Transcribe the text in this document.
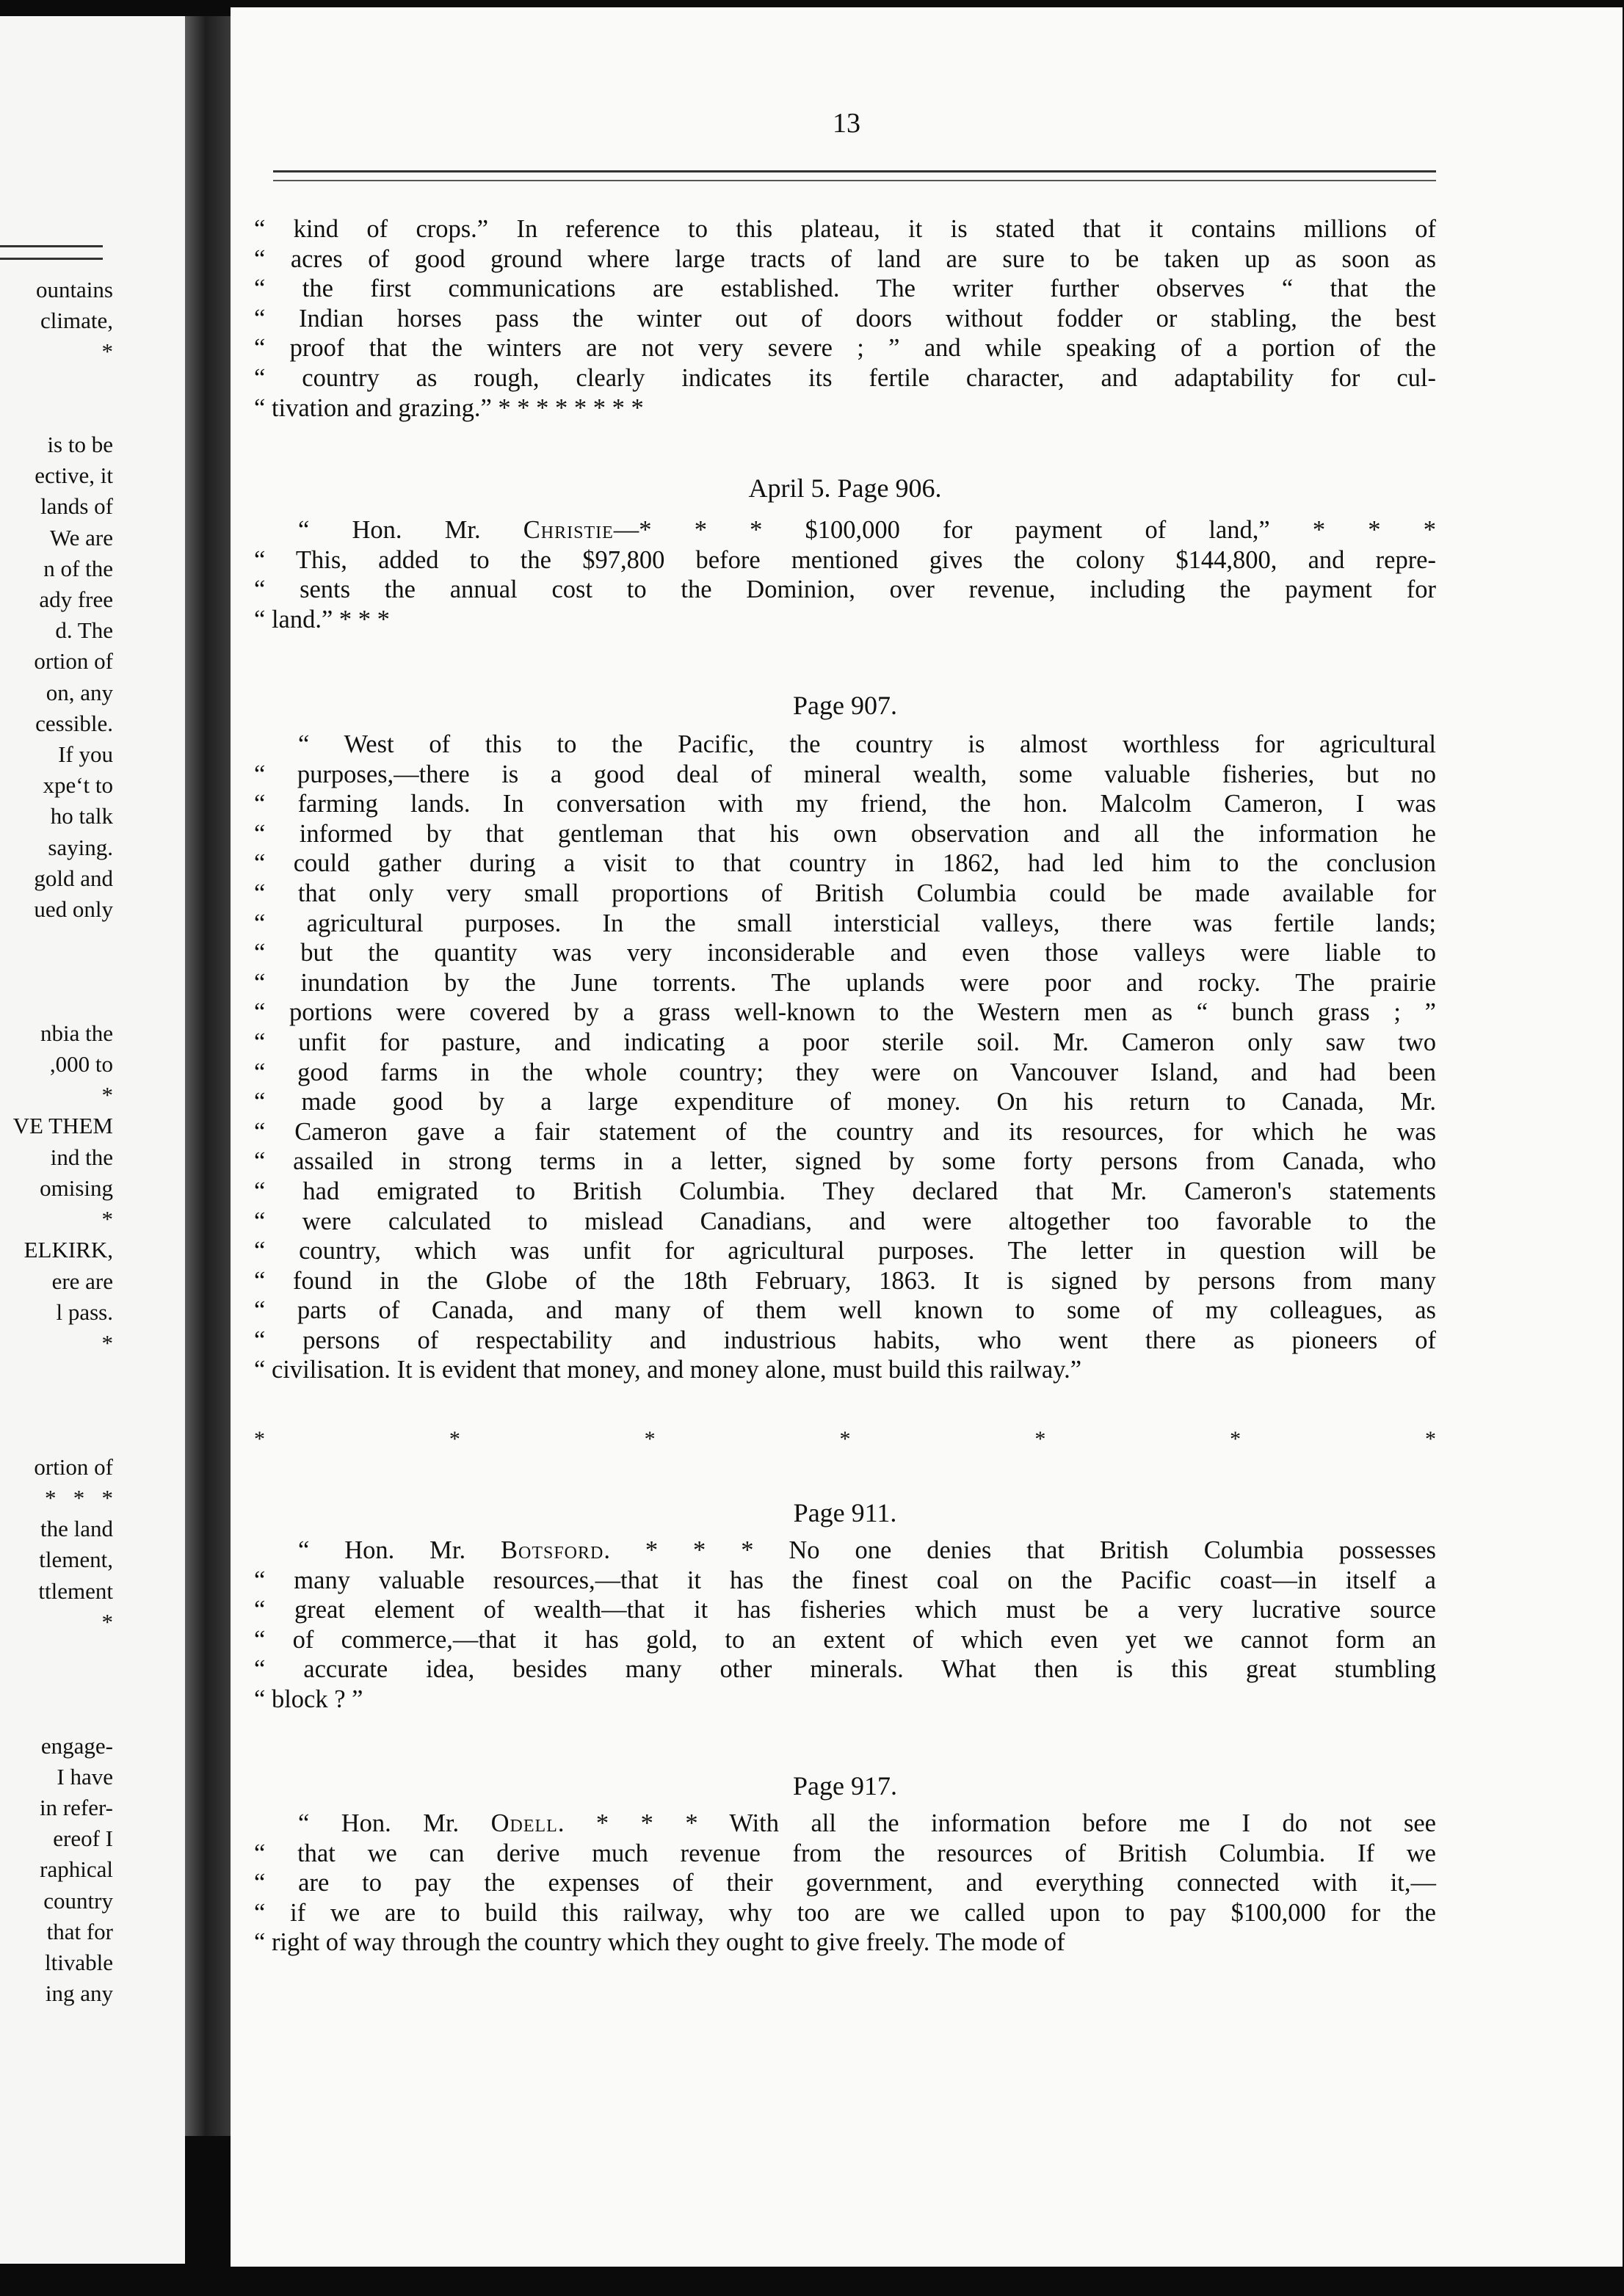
ountains
climate,
*

is to be
ective, it
lands of
We are
n of the
ady free
d. The
ortion of
on, any
cessible.
If you
xpeʻt to
ho talk
saying.
gold and
ued only

nbia the
,000 to
*
VE THEM
ind the
omising
*
ELKIRK,
ere are
l pass.
*

ortion of
*   *   *
the land
tlement,
ttlement
*

engage-
I have
in refer-
ereof I
raphical
country
that for
ltivable
ing any
13
“ kind of crops.” In reference to this plateau, it is stated that it contains millions of
“ acres of good ground where large tracts of land are sure to be taken up as soon as
“ the first communications are established. The writer further observes “ that the
“ Indian horses pass the winter out of doors without fodder or stabling, the best
“ proof that the winters are not very severe ; ” and while speaking of a portion of the
“ country as rough, clearly indicates its fertile character, and adaptability for cul-
“ tivation and grazing.” * * * * * * * *
April 5. Page 906.
“ Hon. Mr. Christie—* * * $100,000 for payment of land,” * * *
“ This, added to the $97,800 before mentioned gives the colony $144,800, and repre-
“ sents the annual cost to the Dominion, over revenue, including the payment for
“ land.” * * *
Page 907.
“ West of this to the Pacific, the country is almost worthless for agricultural
“ purposes,—there is a good deal of mineral wealth, some valuable fisheries, but no
“ farming lands. In conversation with my friend, the hon. Malcolm Cameron, I was
“ informed by that gentleman that his own observation and all the information he
“ could gather during a visit to that country in 1862, had led him to the conclusion
“ that only very small proportions of British Columbia could be made available for
“ agricultural purposes. In the small intersticial valleys, there was fertile lands;
“ but the quantity was very inconsiderable and even those valleys were liable to
“ inundation by the June torrents. The uplands were poor and rocky. The prairie
“ portions were covered by a grass well-known to the Western men as “ bunch grass ; ”
“ unfit for pasture, and indicating a poor sterile soil. Mr. Cameron only saw two
“ good farms in the whole country; they were on Vancouver Island, and had been
“ made good by a large expenditure of money. On his return to Canada, Mr.
“ Cameron gave a fair statement of the country and its resources, for which he was
“ assailed in strong terms in a letter, signed by some forty persons from Canada, who
“ had emigrated to British Columbia. They declared that Mr. Cameron's statements
“ were calculated to mislead Canadians, and were altogether too favorable to the
“ country, which was unfit for agricultural purposes. The letter in question will be
“ found in the Globe of the 18th February, 1863. It is signed by persons from many
“ parts of Canada, and many of them well known to some of my colleagues, as
“ persons of respectability and industrious habits, who went there as pioneers of
“ civilisation. It is evident that money, and money alone, must build this railway.”
*	*	*	*	*	*	*
Page 911.
“ Hon. Mr. Botsford. * * * No one denies that British Columbia possesses
“ many valuable resources,—that it has the finest coal on the Pacific coast—in itself a
“ great element of wealth—that it has fisheries which must be a very lucrative source
“ of commerce,—that it has gold, to an extent of which even yet we cannot form an
“ accurate idea, besides many other minerals. What then is this great stumbling
“ block ? ”
Page 917.
“ Hon. Mr. Odell. * * * With all the information before me I do not see
“ that we can derive much revenue from the resources of British Columbia. If we
“ are to pay the expenses of their government, and everything connected with it,—
“ if we are to build this railway, why too are we called upon to pay $100,000 for the
“ right of way through the country which they ought to give freely. The mode of
